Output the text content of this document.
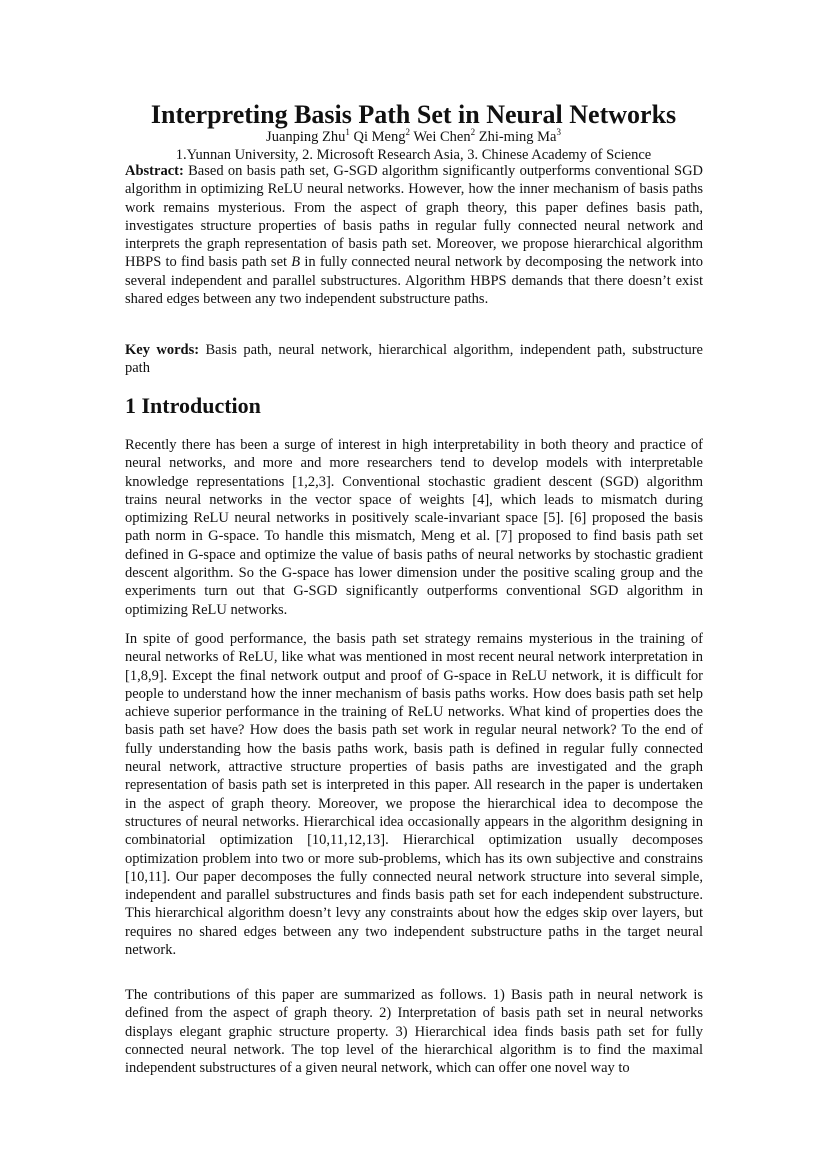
Interpreting Basis Path Set in Neural Networks
Juanping Zhu$^1$ Qi Meng$^2$ Wei Chen$^2$ Zhi-ming Ma$^3$
1.Yunnan University, 2. Microsoft Research Asia, 3. Chinese Academy of Science

Abstract: Based on basis path set, G-SGD algorithm significantly outperforms conventional SGD algorithm in optimizing ReLU neural networks. However, how the inner mechanism of basis paths work remains mysterious. From the aspect of graph theory, this paper defines basis path, investigates structure properties of basis paths in regular fully connected neural network and interprets the graph representation of basis path set. Moreover, we propose hierarchical algorithm HBPS to find basis path set B in fully connected neural network by decomposing the network into several independent and parallel substructures. Algorithm HBPS demands that there doesn’t exist shared edges between any two independent substructure paths.

Key words: Basis path, neural network, hierarchical algorithm, independent path, substructure path

1 Introduction

Recently there has been a surge of interest in high interpretability in both theory and practice of neural networks, and more and more researchers tend to develop models with interpretable knowledge representations [1,2,3]. Conventional stochastic gradient descent (SGD) algorithm trains neural networks in the vector space of weights [4], which leads to mismatch during optimizing ReLU neural networks in positively scale-invariant space [5]. [6] proposed the basis path norm in G-space. To handle this mismatch, Meng et al. [7] proposed to find basis path set defined in G-space and optimize the value of basis paths of neural networks by stochastic gradient descent algorithm. So the G-space has lower dimension under the positive scaling group and the experiments turn out that G-SGD significantly outperforms conventional SGD algorithm in optimizing ReLU networks.

In spite of good performance, the basis path set strategy remains mysterious in the training of neural networks of ReLU, like what was mentioned in most recent neural network interpretation in [1,8,9]. Except the final network output and proof of G-space in ReLU network, it is difficult for people to understand how the inner mechanism of basis paths works. How does basis path set help achieve superior performance in the training of ReLU networks. What kind of properties does the basis path set have? How does the basis path set work in regular neural network? To the end of fully understanding how the basis paths work, basis path is defined in regular fully connected neural network, attractive structure properties of basis paths are investigated and the graph representation of basis path set is interpreted in this paper. All research in the paper is undertaken in the aspect of graph theory. Moreover, we propose the hierarchical idea to decompose the structures of neural networks. Hierarchical idea occasionally appears in the algorithm designing in combinatorial optimization [10,11,12,13]. Hierarchical optimization usually decomposes optimization problem into two or more sub-problems, which has its own subjective and constrains [10,11]. Our paper decomposes the fully connected neural network structure into several simple, independent and parallel substructures and finds basis path set for each independent substructure. This hierarchical algorithm doesn’t levy any constraints about how the edges skip over layers, but requires no shared edges between any two independent substructure paths in the target neural network.

The contributions of this paper are summarized as follows. 1) Basis path in neural network is defined from the aspect of graph theory. 2) Interpretation of basis path set in neural networks displays elegant graphic structure property. 3) Hierarchical idea finds basis path set for fully connected neural network. The top level of the hierarchical algorithm is to find the maximal independent substructures of a given neural network, which can offer one novel way to
